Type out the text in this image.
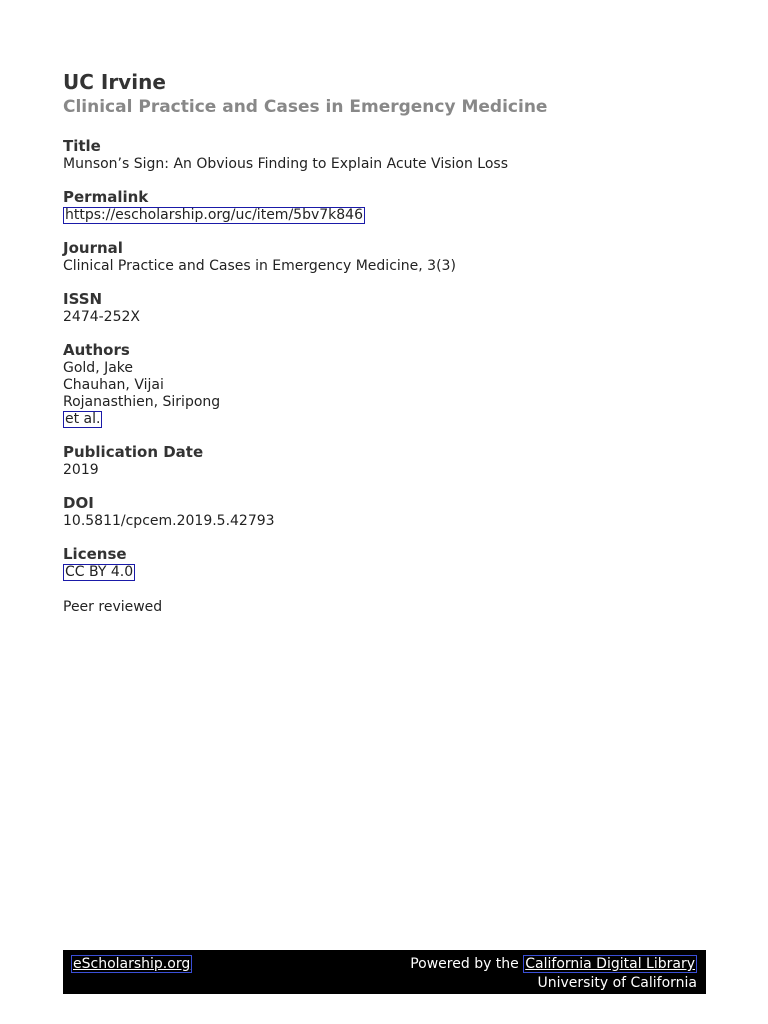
UC Irvine
Clinical Practice and Cases in Emergency Medicine
Title
Munson’s Sign: An Obvious Finding to Explain Acute Vision Loss
Permalink
https://escholarship.org/uc/item/5bv7k846
Journal
Clinical Practice and Cases in Emergency Medicine, 3(3)
ISSN
2474-252X
Authors
Gold, Jake
Chauhan, Vijai
Rojanasthien, Siripong
et al.
Publication Date
2019
DOI
10.5811/cpcem.2019.5.42793
License
CC BY 4.0
Peer reviewed
eScholarship.org	Powered by the California Digital Library
University of California
